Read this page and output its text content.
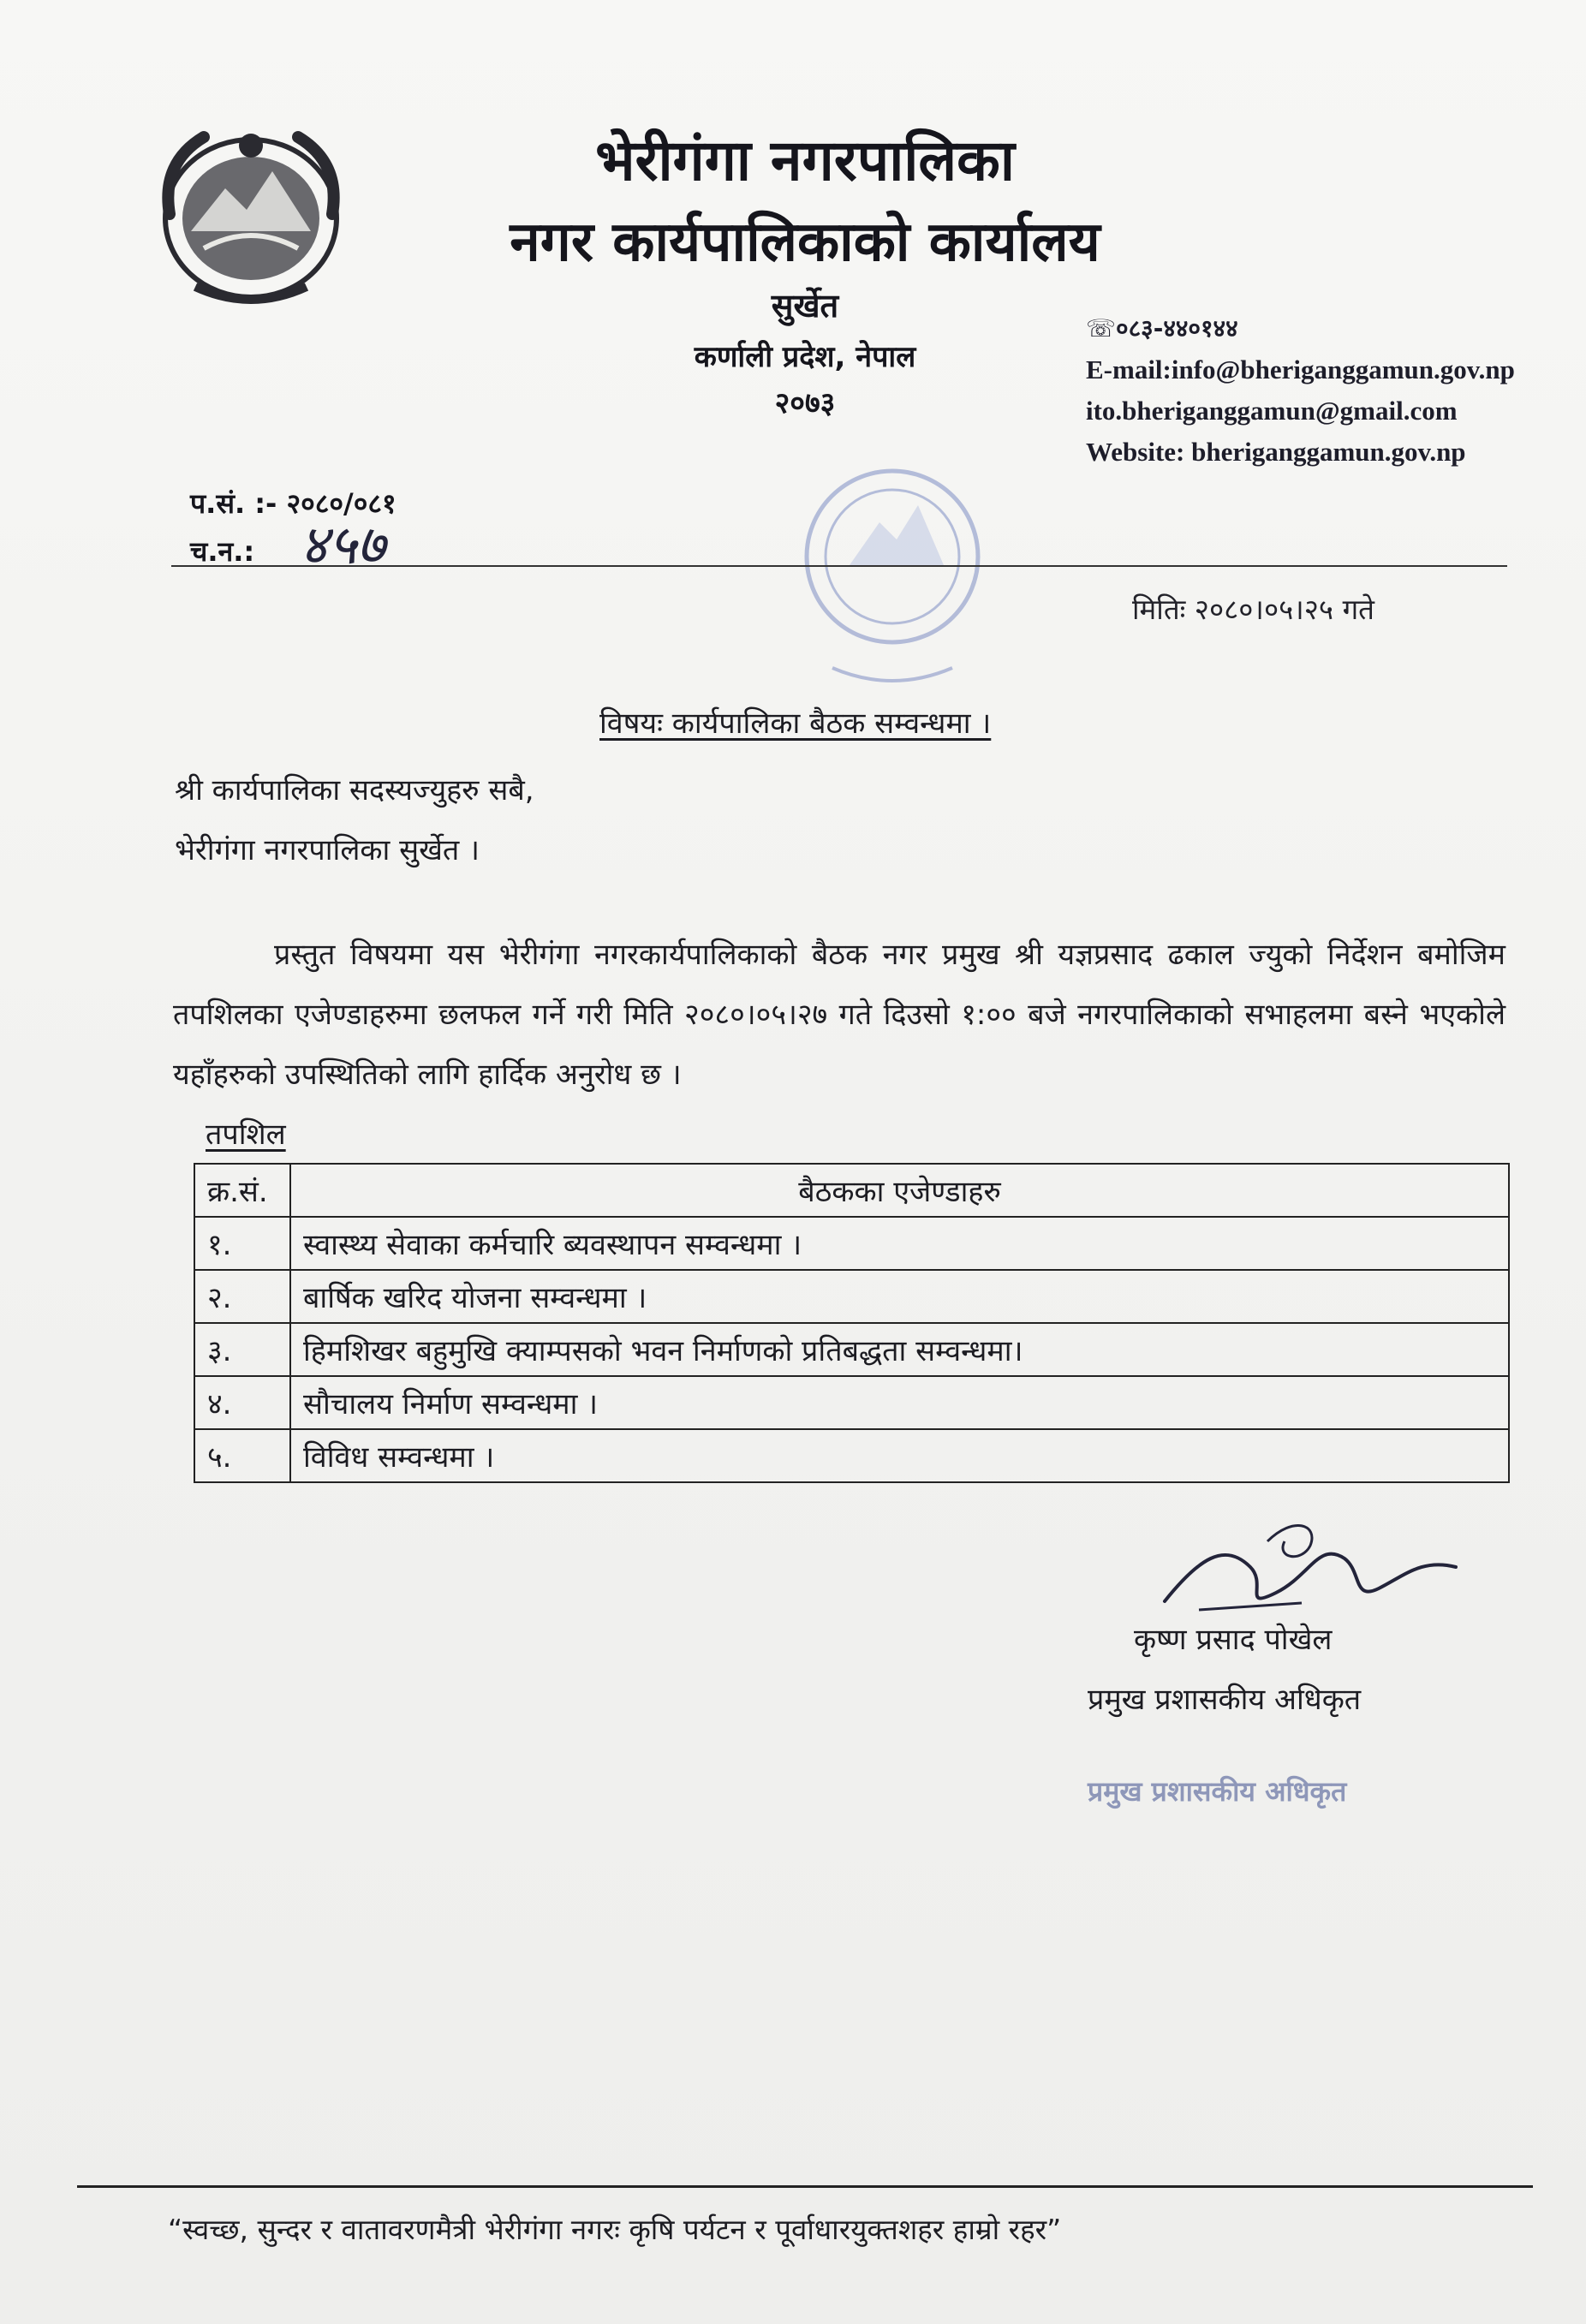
भेरीगंगा नगरपालिका
नगर कार्यपालिकाको कार्यालय
सुर्खेत
कर्णाली प्रदेश, नेपाल
२०७३
☏०८३-४४०१४४
E-mail:info@bheriganggamun.gov.np
ito.bheriganggamun@gmail.com
Website: bheriganggamun.gov.np
प.सं. :- २०८०/०८१
च.न.: ४५७
मितिः २०८०।०५।२५ गते
विषयः कार्यपालिका बैठक सम्वन्धमा ।
श्री कार्यपालिका सदस्यज्युहरु सबै,
भेरीगंगा नगरपालिका सुर्खेत ।
प्रस्तुत विषयमा यस भेरीगंगा नगरकार्यपालिकाको बैठक नगर प्रमुख श्री यज्ञप्रसाद ढकाल ज्युको निर्देशन बमोजिम तपशिलका एजेण्डाहरुमा छलफल गर्ने गरी मिति २०८०।०५।२७ गते दिउसो १:०० बजे नगरपालिकाको सभाहलमा बस्ने भएकोले यहाँहरुको उपस्थितिको लागि हार्दिक अनुरोध छ ।
तपशिल
क्र.सं.	बैठकका एजेण्डाहरु
१.	स्वास्थ्य सेवाका कर्मचारि ब्यवस्थापन सम्वन्धमा ।
२.	बार्षिक खरिद योजना सम्वन्धमा ।
३.	हिमशिखर बहुमुखि क्याम्पसको भवन निर्माणको प्रतिबद्धता सम्वन्धमा।
४.	सौचालय निर्माण सम्वन्धमा ।
५.	विविध सम्वन्धमा ।
कृष्ण प्रसाद पोखेल
प्रमुख प्रशासकीय अधिकृत
प्रमुख प्रशासकीय अधिकृत
“स्वच्छ, सुन्दर र वातावरणमैत्री भेरीगंगा नगरः कृषि पर्यटन र पूर्वाधारयुक्तशहर हाम्रो रहर”
